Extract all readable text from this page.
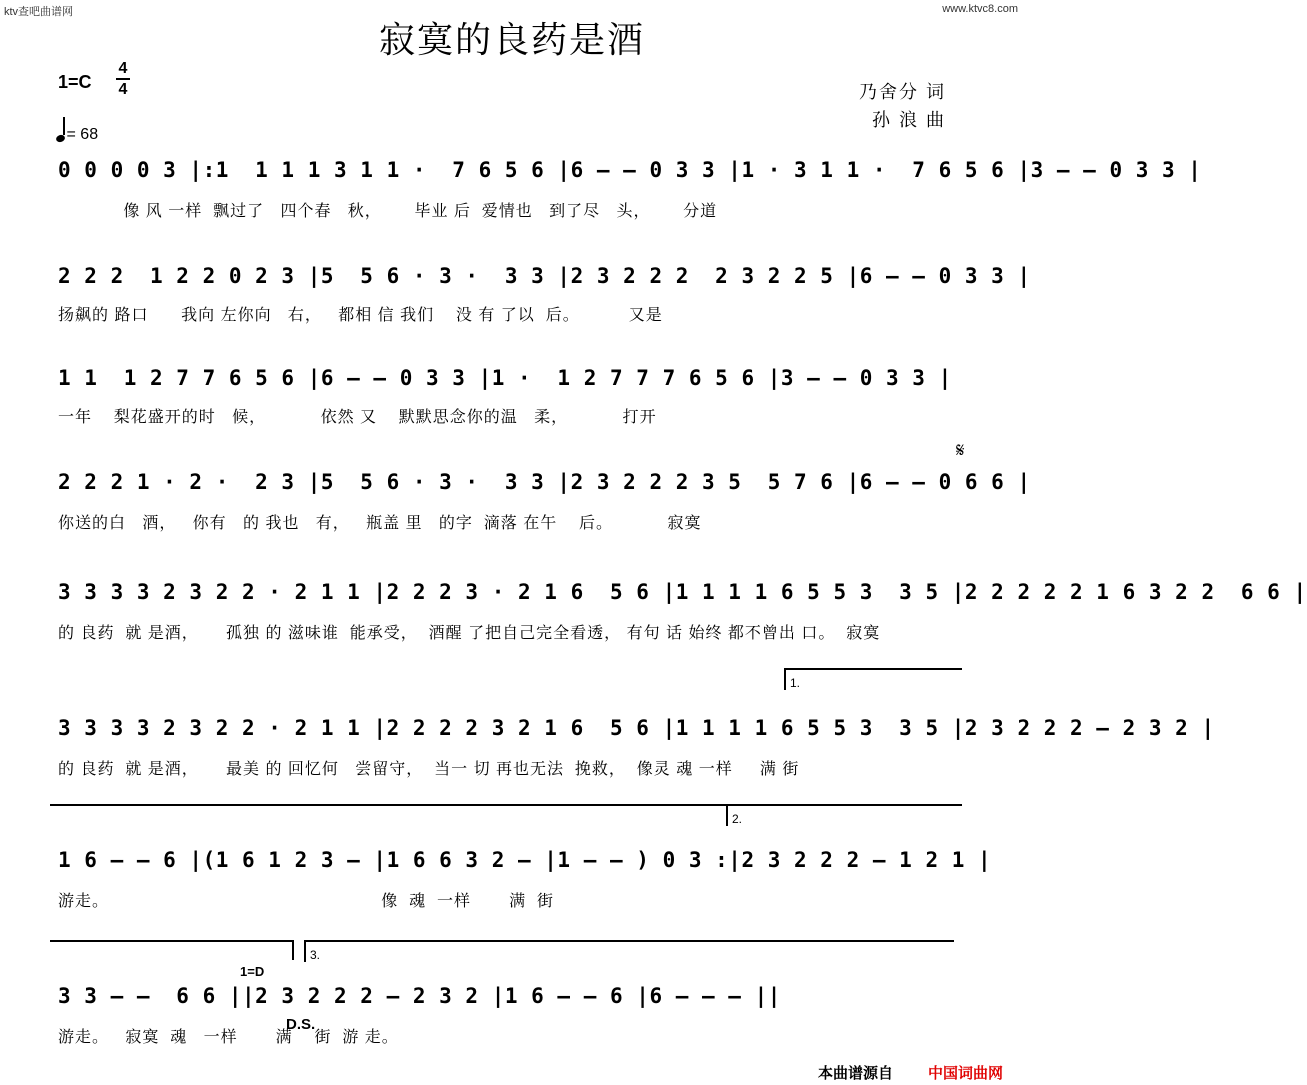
ktv查吧曲谱网	www.ktvc8.com
寂寞的良药是酒
1=C
4
4
= 68
乃舍分 词
孙 浪 曲
0 0 0 0 3 |:1  1 1 1 3 1 1 ·  7 6 5 6 |6 – – 0 3 3 |1 · 3 1 1 ·  7 6 5 6 |3 – – 0 3 3 |
像 风 一样  飘过了   四个春   秋，      毕业 后  爱情也   到了尽   头，      分道
2 2 2  1 2 2 0 2 3 |5  5 6 · 3 ·  3 3 |2 3 2 2 2  2 3 2 2 5 |6 – – 0 3 3 |
扬飙的 路口      我向 左你向   右，   都相 信 我们    没 有 了以  后。         又是
1 1  1 2 7 7 6 5 6 |6 – – 0 3 3 |1 ·  1 2 7 7 7 6 5 6 |3 – – 0 3 3 |
一年    梨花盛开的时   候，          依然 又    默默思念你的温   柔，          打开
𝄋
2 2 2 1 · 2 ·  2 3 |5  5 6 · 3 ·  3 3 |2 3 2 2 2 3 5  5 7 6 |6 – – 0 6 6 |
你送的白   酒，   你有   的 我也   有，   瓶盖 里   的字  滴落 在午    后。          寂寞
3 3 3 3 2 3 2 2 · 2 1 1 |2 2 2 3 · 2 1 6  5 6 |1 1 1 1 6 5 5 3  3 5 |2 2 2 2 2 1 6 3 2 2  6 6 |
的 良药  就 是酒，     孤独 的 滋味谁  能承受，  酒醒 了把自己完全看透， 有句 话 始终 都不曾出 口。  寂寞
1.
3 3 3 3 2 3 2 2 · 2 1 1 |2 2 2 2 3 2 1 6  5 6 |1 1 1 1 6 5 5 3  3 5 |2 3 2 2 2 – 2 3 2 |
的 良药  就 是酒，     最美 的 回忆何   尝留守，  当一 切 再也无法  挽救，  像灵 魂 一样     满 街
2.
1 6 – – 6 |(1 6 1 2 3 – |1 6 6 3 2 – |1 – – ) 0 3 :|2 3 2 2 2 – 1 2 1 |
游走。                                                  像  魂  一样       满  街
3.
1=D
3 3 – –  6 6 ||2 3 2 2 2 – 2 3 2 |1 6 – – 6 |6 – – – ||
游走。   寂寞  魂   一样       满    街  游 走。
D.S.
本曲谱源自 中国词曲网
